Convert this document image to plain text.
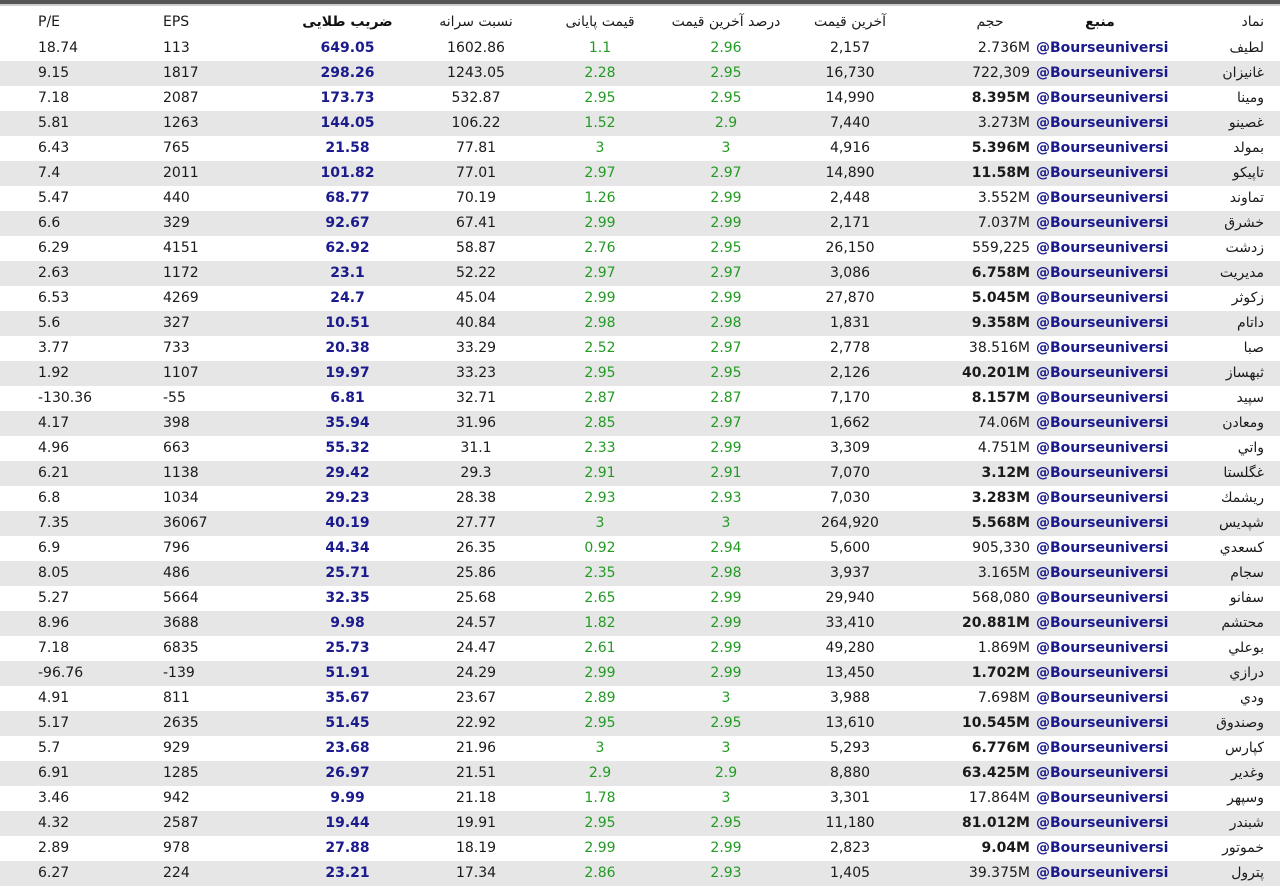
P/E	EPS	ضریب طلایی	نسبت سرانه	قیمت پایانی	درصد آخرین قیمت	آخرین قیمت	حجم	منبع	نماد
18.74	113	649.05	1602.86	1.1	2.96	2,157	2.736M @Bourseuniversi	لطیف
9.15	1817	298.26	1243.05	2.28	2.95	16,730	722,309 @Bourseuniversi	غانیزان
7.18	2087	173.73	532.87	2.95	2.95	14,990	8.395M @Bourseuniversi	ومینا
5.81	1263	144.05	106.22	1.52	2.9	7,440	3.273M @Bourseuniversi	غصینو
6.43	765	21.58	77.81	3	3	4,916	5.396M @Bourseuniversi	بمولد
7.4	2011	101.82	77.01	2.97	2.97	14,890	11.58M @Bourseuniversi	تاپیکو
5.47	440	68.77	70.19	1.26	2.99	2,448	3.552M @Bourseuniversi	تماوند
6.6	329	92.67	67.41	2.99	2.99	2,171	7.037M @Bourseuniversi	خشرق
6.29	4151	62.92	58.87	2.76	2.95	26,150	559,225 @Bourseuniversi	زدشت
2.63	1172	23.1	52.22	2.97	2.97	3,086	6.758M @Bourseuniversi	مدیریت
6.53	4269	24.7	45.04	2.99	2.99	27,870	5.045M @Bourseuniversi	زکوثر
5.6	327	10.51	40.84	2.98	2.98	1,831	9.358M @Bourseuniversi	داتام
3.77	733	20.38	33.29	2.52	2.97	2,778	38.516M @Bourseuniversi	صبا
1.92	1107	19.97	33.23	2.95	2.95	2,126	40.201M @Bourseuniversi	ثبهساز
-130.36	-55	6.81	32.71	2.87	2.87	7,170	8.157M @Bourseuniversi	سپید
4.17	398	35.94	31.96	2.85	2.97	1,662	74.06M @Bourseuniversi	ومعادن
4.96	663	55.32	31.1	2.33	2.99	3,309	4.751M @Bourseuniversi	واتي
6.21	1138	29.42	29.3	2.91	2.91	7,070	3.12M @Bourseuniversi	غگلستا
6.8	1034	29.23	28.38	2.93	2.93	7,030	3.283M @Bourseuniversi	ریشمك
7.35	36067	40.19	27.77	3	3	264,920	5.568M @Bourseuniversi	شپدیس
6.9	796	44.34	26.35	0.92	2.94	5,600	905,330 @Bourseuniversi	كسعدي
8.05	486	25.71	25.86	2.35	2.98	3,937	3.165M @Bourseuniversi	سجام
5.27	5664	32.35	25.68	2.65	2.99	29,940	568,080 @Bourseuniversi	سفانو
8.96	3688	9.98	24.57	1.82	2.99	33,410	20.881M @Bourseuniversi	محتشم
7.18	6835	25.73	24.47	2.61	2.99	49,280	1.869M @Bourseuniversi	بوعلي
-96.76	-139	51.91	24.29	2.99	2.99	13,450	1.702M @Bourseuniversi	درازي
4.91	811	35.67	23.67	2.89	3	3,988	7.698M @Bourseuniversi	ودي
5.17	2635	51.45	22.92	2.95	2.95	13,610	10.545M @Bourseuniversi	وصندوق
5.7	929	23.68	21.96	3	3	5,293	6.776M @Bourseuniversi	كپارس
6.91	1285	26.97	21.51	2.9	2.9	8,880	63.425M @Bourseuniversi	وغدير
3.46	942	9.99	21.18	1.78	3	3,301	17.864M @Bourseuniversi	وسپهر
4.32	2587	19.44	19.91	2.95	2.95	11,180	81.012M @Bourseuniversi	شبندر
2.89	978	27.88	18.19	2.99	2.99	2,823	9.04M @Bourseuniversi	خموتور
6.27	224	23.21	17.34	2.86	2.93	1,405	39.375M @Bourseuniversi	پترول
